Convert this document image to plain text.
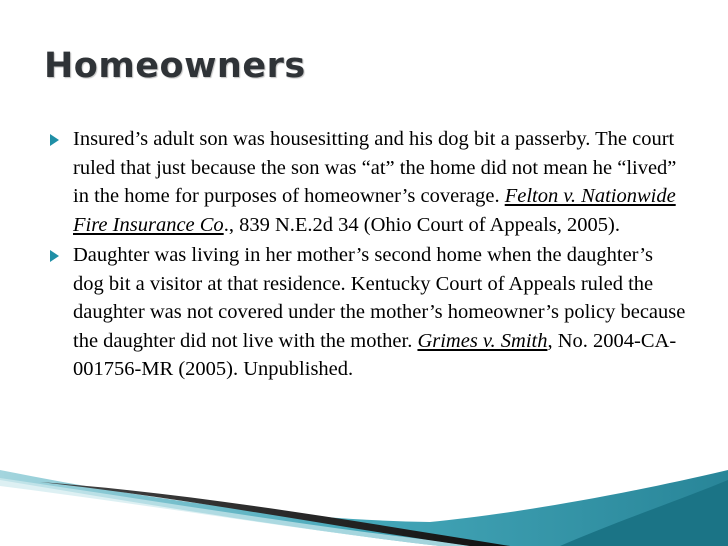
Homeowners
Insured’s adult son was housesitting and his dog bit a passerby. The court ruled that just because the son was “at” the home did not mean he “lived” in the home for purposes of homeowner’s coverage. Felton v. Nationwide Fire Insurance Co., 839 N.E.2d 34 (Ohio Court of Appeals, 2005).
Daughter was living in her mother’s second home when the daughter’s dog bit a visitor at that residence. Kentucky Court of Appeals ruled the daughter was not covered under the mother’s homeowner’s policy because the daughter did not live with the mother. Grimes v. Smith, No. 2004-CA-001756-MR (2005). Unpublished.
